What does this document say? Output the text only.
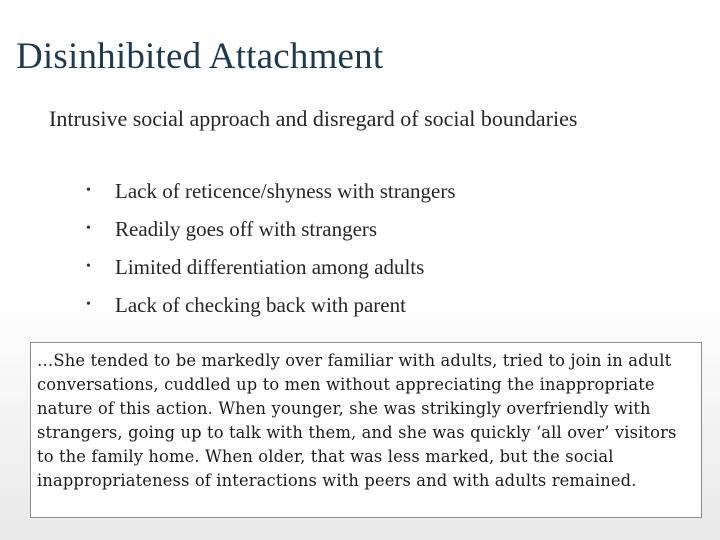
Disinhibited Attachment
Intrusive social approach and disregard of social boundaries
•	Lack of reticence/shyness with strangers
•	Readily goes off with strangers
•	Limited differentiation among adults
•	Lack of checking back with parent
…She tended to be markedly over familiar with adults, tried to join in adult conversations, cuddled up to men without appreciating the inappropriate nature of this action. When younger, she was strikingly overfriendly with strangers, going up to talk with them, and she was quickly ‘all over’ visitors to the family home. When older, that was less marked, but the social inappropriateness of interactions with peers and with adults remained.
